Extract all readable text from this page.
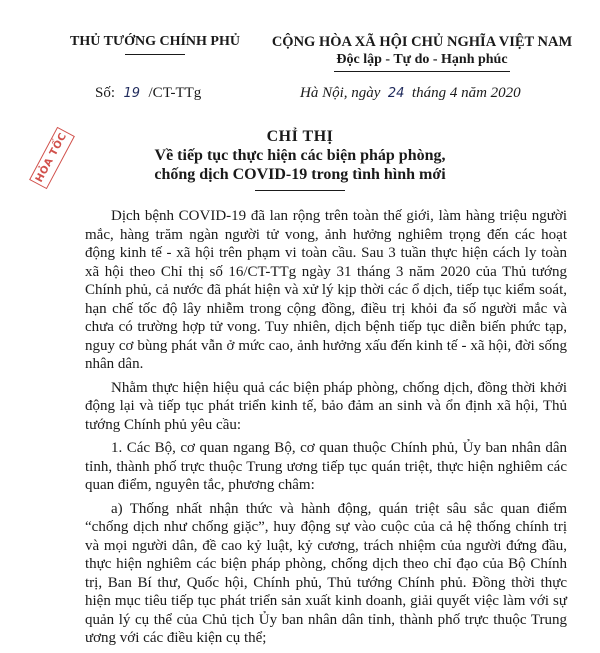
THỦ TƯỚNG CHÍNH PHỦ	CỘNG HÒA XÃ HỘI CHỦ NGHĨA VIỆT NAM
Độc lập - Tự do - Hạnh phúc
Số: 19 /CT-TTg	Hà Nội, ngày 24 tháng 4 năm 2020
HỎA TỐC	CHỈ THỊ
Về tiếp tục thực hiện các biện pháp phòng,
chống dịch COVID-19 trong tình hình mới

Dịch bệnh COVID-19 đã lan rộng trên toàn thế giới, làm hàng triệu người mắc, hàng trăm ngàn người tử vong, ảnh hưởng nghiêm trọng đến các hoạt động kinh tế - xã hội trên phạm vi toàn cầu. Sau 3 tuần thực hiện cách ly toàn xã hội theo Chỉ thị số 16/CT-TTg ngày 31 tháng 3 năm 2020 của Thủ tướng Chính phủ, cả nước đã phát hiện và xử lý kịp thời các ổ dịch, tiếp tục kiểm soát, hạn chế tốc độ lây nhiễm trong cộng đồng, điều trị khỏi đa số người mắc và chưa có trường hợp tử vong. Tuy nhiên, dịch bệnh tiếp tục diễn biến phức tạp, nguy cơ bùng phát vẫn ở mức cao, ảnh hưởng xấu đến kinh tế - xã hội, đời sống nhân dân.

Nhằm thực hiện hiệu quả các biện pháp phòng, chống dịch, đồng thời khởi động lại và tiếp tục phát triển kinh tế, bảo đảm an sinh và ổn định xã hội, Thủ tướng Chính phủ yêu cầu:

1. Các Bộ, cơ quan ngang Bộ, cơ quan thuộc Chính phủ, Ủy ban nhân dân tỉnh, thành phố trực thuộc Trung ương tiếp tục quán triệt, thực hiện nghiêm các quan điểm, nguyên tắc, phương châm:

a) Thống nhất nhận thức và hành động, quán triệt sâu sắc quan điểm “chống dịch như chống giặc”, huy động sự vào cuộc của cả hệ thống chính trị và mọi người dân, đề cao kỷ luật, kỷ cương, trách nhiệm của người đứng đầu, thực hiện nghiêm các biện pháp phòng, chống dịch theo chỉ đạo của Bộ Chính trị, Ban Bí thư, Quốc hội, Chính phủ, Thủ tướng Chính phủ. Đồng thời thực hiện mục tiêu tiếp tục phát triển sản xuất kinh doanh, giải quyết việc làm với sự quản lý cụ thể của Chủ tịch Ủy ban nhân dân tỉnh, thành phố trực thuộc Trung ương với các điều kiện cụ thể;
